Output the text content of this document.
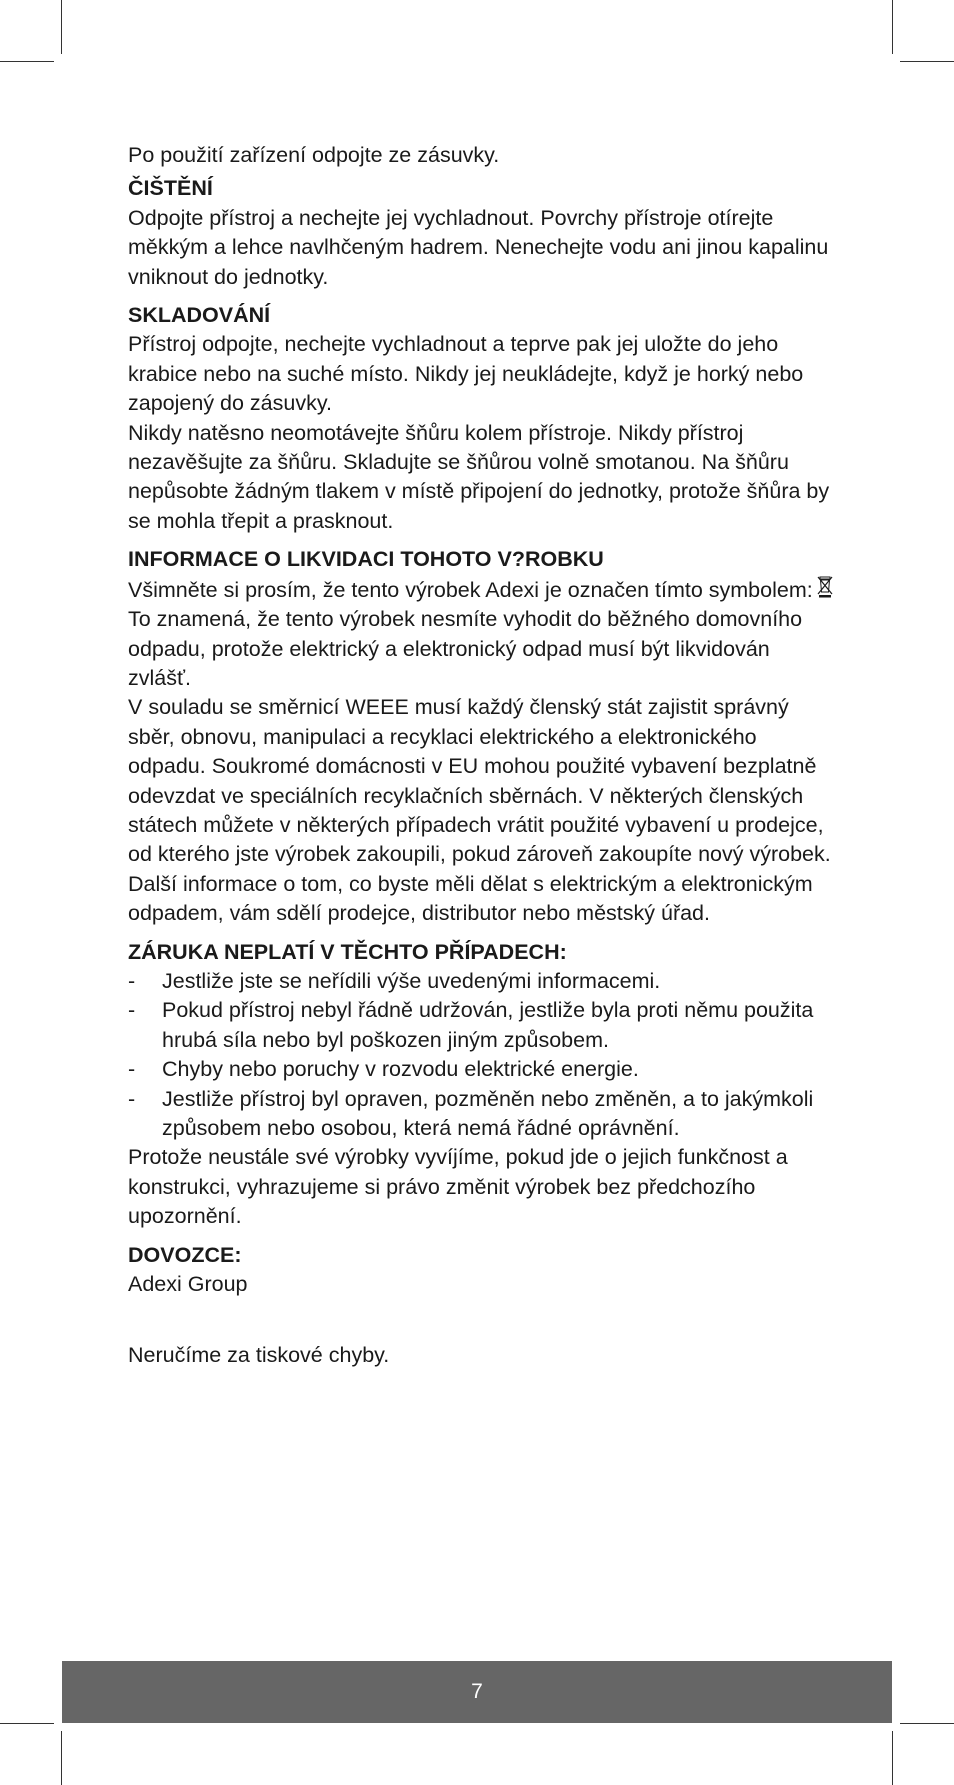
Po použití zařízení odpojte ze zásuvky.

ČIŠTĚNÍ

Odpojte přístroj a nechejte jej vychladnout. Povrchy přístroje otírejte měkkým a lehce navlhčeným hadrem. Nenechejte vodu ani jinou kapalinu vniknout do jednotky.

SKLADOVÁNÍ

Přístroj odpojte, nechejte vychladnout a teprve pak jej uložte do jeho krabice nebo na suché místo. Nikdy jej neukládejte, když je horký nebo zapojený do zásuvky.

Nikdy natěsno neomotávejte šňůru kolem přístroje. Nikdy přístroj nezavěšujte za šňůru. Skladujte se šňůrou volně smotanou. Na šňůru nepůsobte žádným tlakem v místě připojení do jednotky, protože šňůra by se mohla třepit a prasknout.

INFORMACE O LIKVIDACI TOHOTO V?ROBKU

Všimněte si prosím, že tento výrobek Adexi je označen tímto symbolem:

To znamená, že tento výrobek nesmíte vyhodit do běžného domovního odpadu, protože elektrický a elektronický odpad musí být likvidován zvlášť.

V souladu se směrnicí WEEE musí každý členský stát zajistit správný sběr, obnovu, manipulaci a recyklaci elektrického a elektronického odpadu. Soukromé domácnosti v EU mohou použité vybavení bezplatně odevzdat ve speciálních recyklačních sběrnách. V některých členských státech můžete v některých případech vrátit použité vybavení u prodejce, od kterého jste výrobek zakoupili, pokud zároveň zakoupíte nový výrobek. Další informace o tom, co byste měli dělat s elektrickým a elektronickým odpadem, vám sdělí prodejce, distributor nebo městský úřad.

ZÁRUKA NEPLATÍ V TĚCHTO PŘÍPADECH:
- Jestliže jste se neřídili výše uvedenými informacemi.
- Pokud přístroj nebyl řádně udržován, jestliže byla proti němu použita hrubá síla nebo byl poškozen jiným způsobem.
- Chyby nebo poruchy v rozvodu elektrické energie.
- Jestliže přístroj byl opraven, pozměněn nebo změněn, a to jakýmkoli způsobem nebo osobou, která nemá řádné oprávnění.

Protože neustále své výrobky vyvíjíme, pokud jde o jejich funkčnost a konstrukci, vyhrazujeme si právo změnit výrobek bez předchozího upozornění.

DOVOZCE:

Adexi Group

Neručíme za tiskové chyby.

7
